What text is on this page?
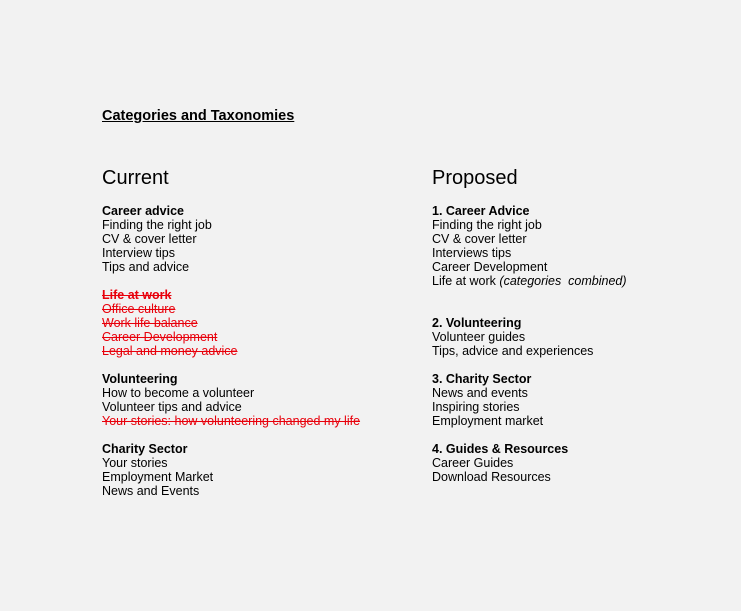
Categories and Taxonomies
Current
Career advice
Finding the right job
CV & cover letter
Interview tips
Tips and advice
Life at work
Office culture
Work life balance
Career Development
Legal and money advice
Volunteering
How to become a volunteer
Volunteer tips and advice
Your stories: how volunteering changed my life
Charity Sector
Your stories
Employment Market
News and Events
Proposed
1. Career Advice
Finding the right job
CV & cover letter
Interviews tips
Career Development
Life at work (categories  combined)
2. Volunteering
Volunteer guides
Tips, advice and experiences
3. Charity Sector
News and events
Inspiring stories
Employment market
4. Guides & Resources
Career Guides
Download Resources
